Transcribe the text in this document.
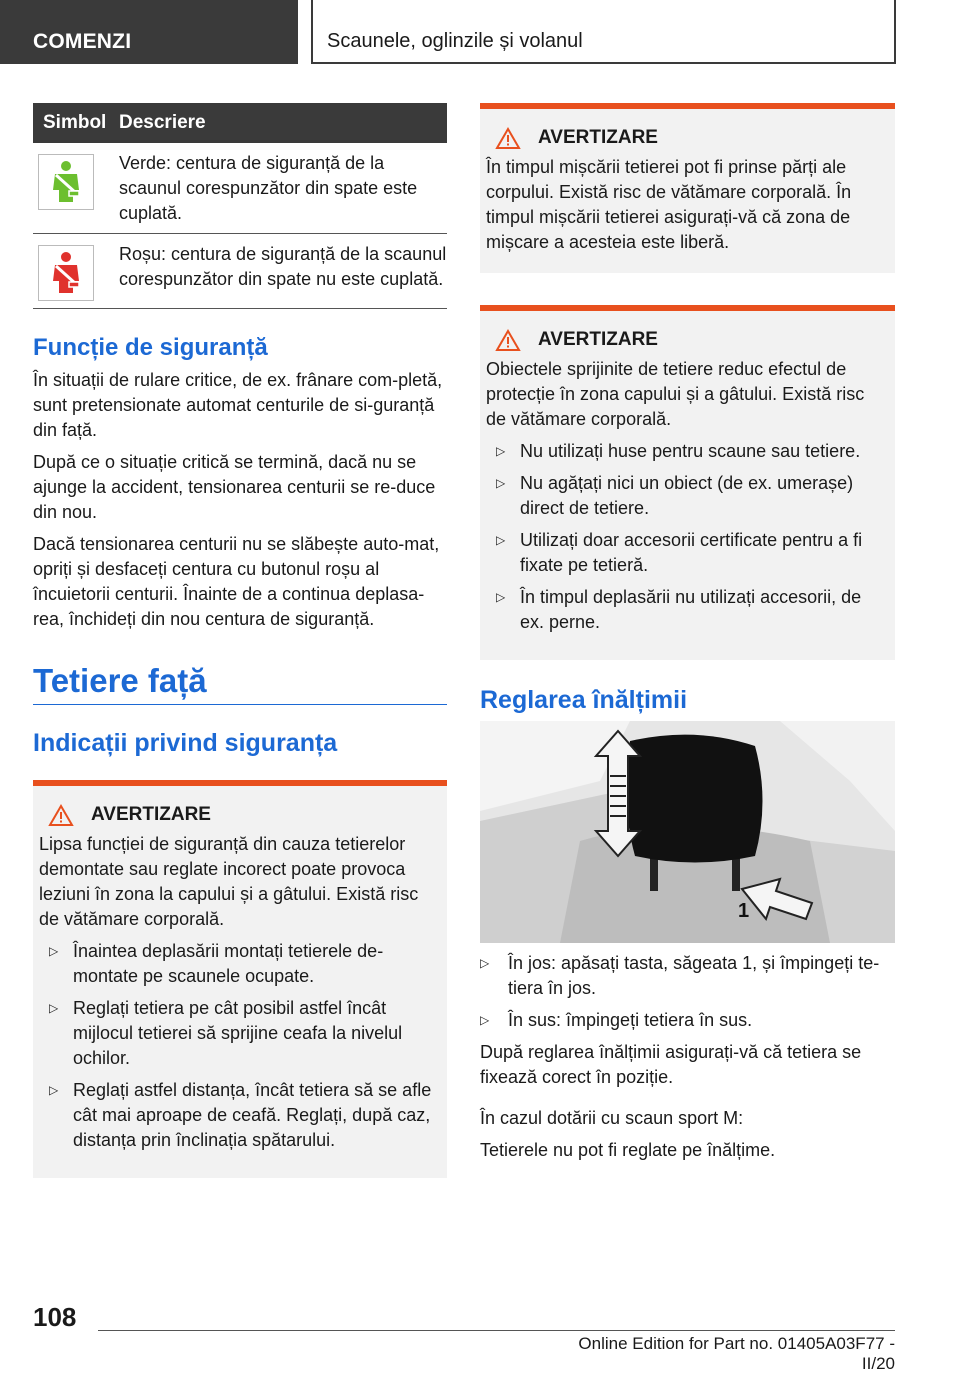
COMENZI	Scaunele, oglinzile și volanul
Simbol Descriere
Verde: centura de siguranță de la scaunul corespunzător din spate este cuplată.
Roșu: centura de siguranță de la scaunul corespunzător din spate nu este cuplată.
Funcție de siguranță

În situații de rulare critice, de ex. frânare com-pletă, sunt pretensionate automat centurile de si-guranță din față.

După ce o situație critică se termină, dacă nu se ajunge la accident, tensionarea centurii se re-duce din nou.

Dacă tensionarea centurii nu se slăbește auto-mat, opriți și desfaceți centura cu butonul roșu al încuietorii centurii. Înainte de a continua deplasa-rea, închideți din nou centura de siguranță.

Tetiere față
Indicații privind siguranța
AVERTIZARE

Lipsa funcției de siguranță din cauza tetierelor demontate sau reglate incorect poate provoca leziuni în zona la capului și a gâtului. Există risc de vătămare corporală.

▷ Înaintea deplasării montați tetierele de-montate pe scaunele ocupate.
▷ Reglați tetiera pe cât posibil astfel încât mijlocul tetierei să sprijine ceafa la nivelul ochilor.
▷ Reglați astfel distanța, încât tetiera să se afle cât mai aproape de ceafă. Reglați, după caz, distanța prin înclinația spătarului.
AVERTIZARE

În timpul mișcării tetierei pot fi prinse părți ale corpului. Există risc de vătămare corporală. În timpul mișcării tetierei asigurați-vă că zona de mișcare a acesteia este liberă.

AVERTIZARE

Obiectele sprijinite de tetiere reduc efectul de protecție în zona capului și a gâtului. Există risc de vătămare corporală.

▷ Nu utilizați huse pentru scaune sau tetiere.
▷ Nu agățați nici un obiect (de ex. umerașe) direct de tetiere.
▷ Utilizați doar accesorii certificate pentru a fi fixate pe tetieră.
▷ În timpul deplasării nu utilizați accesorii, de ex. perne.
Reglarea înălțimii
1
▷	În jos: apăsați tasta, săgeata 1, și împingeți te-tiera în jos.
▷	În sus: împingeți tetiera în sus.

După reglarea înălțimii asigurați-vă că tetiera se fixează corect în poziție.

În cazul dotării cu scaun sport M:

Tetierele nu pot fi reglate pe înălțime.

108
Online Edition for Part no. 01405A03F77 - II/20
